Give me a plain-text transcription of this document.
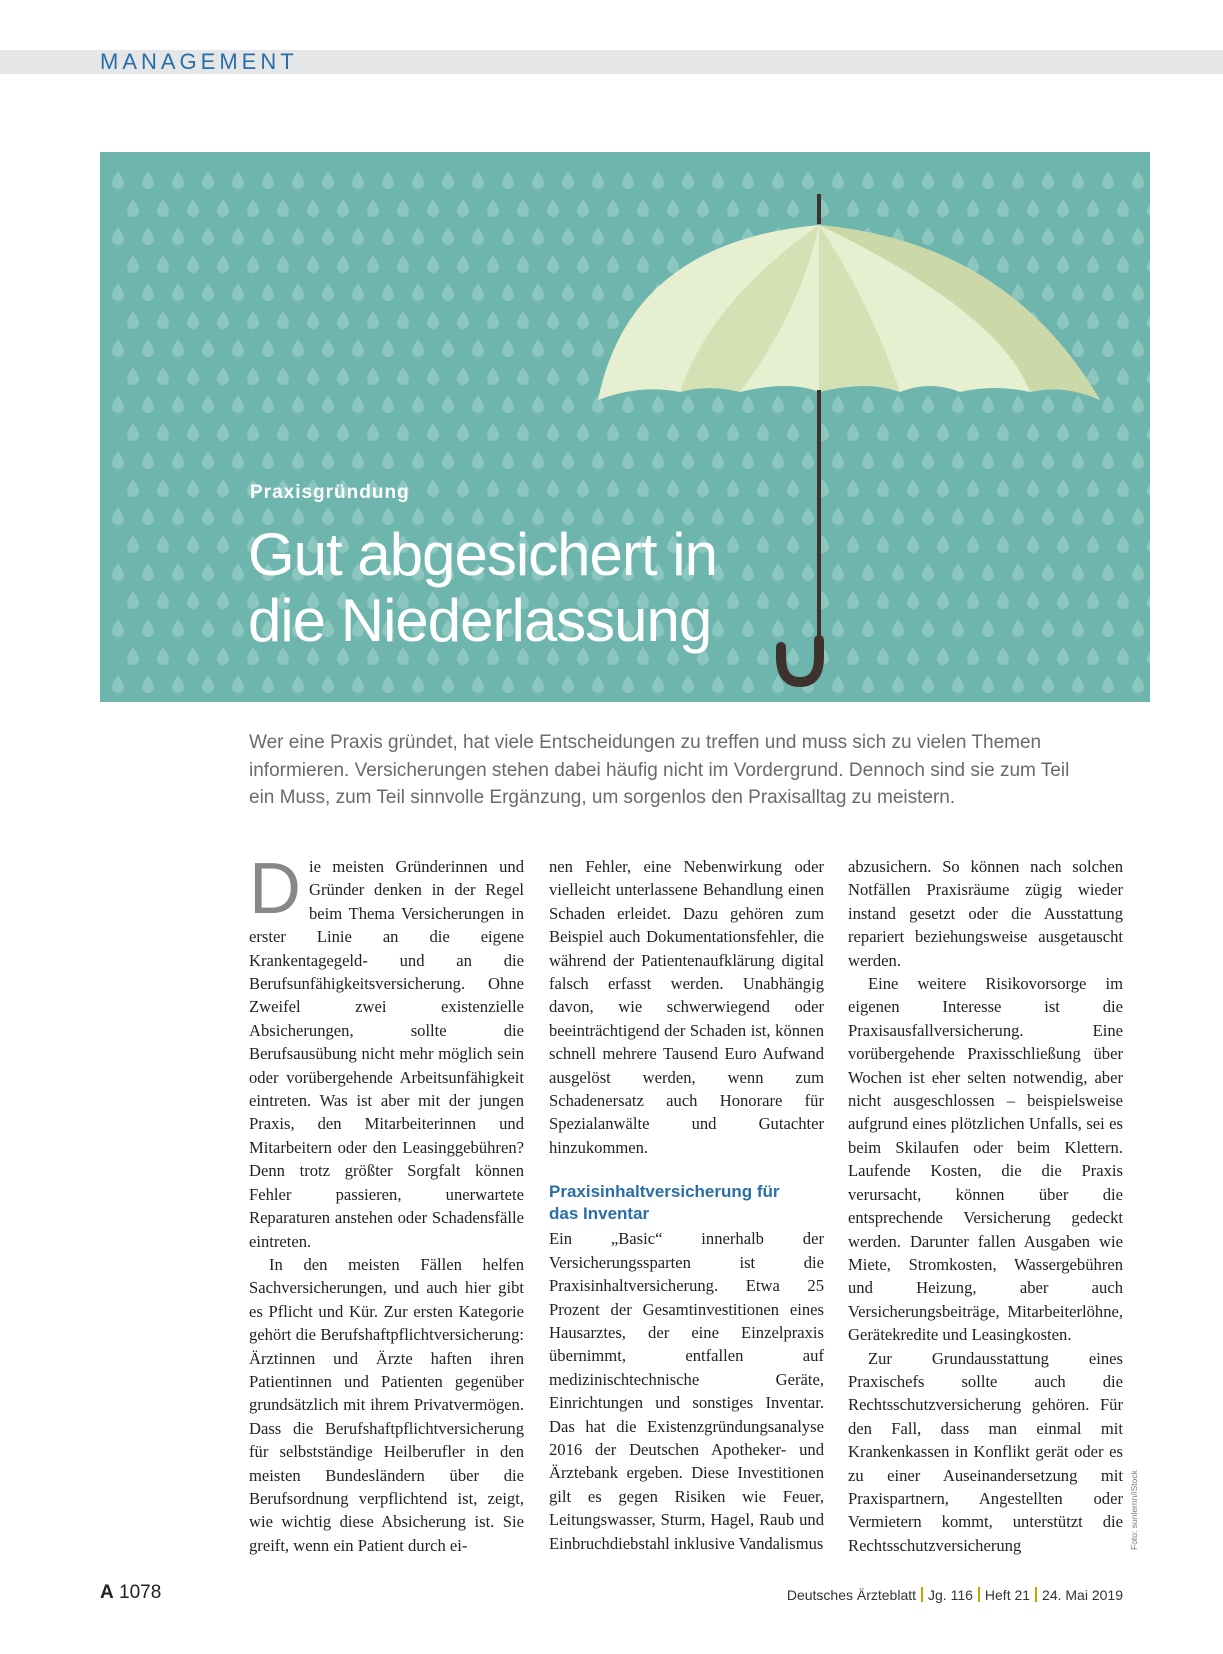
MANAGEMENT
Praxisgründung
Gut abgesichert in
die Niederlassung
Wer eine Praxis gründet, hat viele Entscheidungen zu treffen und muss sich zu vielen Themen informieren. Versicherungen stehen dabei häufig nicht im Vordergrund. Dennoch sind sie zum Teil ein Muss, zum Teil sinnvolle Ergänzung, um sorgenlos den Praxisalltag zu meistern.

Die meisten Gründerinnen und Gründer denken in der Regel beim Thema Versicherungen in erster Linie an die eigene Krankentagegeld- und an die Berufsunfähigkeitsversicherung. Ohne Zweifel zwei existenzielle Absicherungen, sollte die Berufsausübung nicht mehr möglich sein oder vorübergehende Arbeitsunfähigkeit eintreten. Was ist aber mit der jungen Praxis, den Mitarbeiterinnen und Mitarbeitern oder den Leasinggebühren? Denn trotz größter Sorgfalt können Fehler passieren, unerwartete Reparaturen anstehen oder Schadensfälle eintreten.

In den meisten Fällen helfen Sachversicherungen, und auch hier gibt es Pflicht und Kür. Zur ersten Kategorie gehört die Berufshaftpflichtversicherung: Ärztinnen und Ärzte haften ihren Patientinnen und Patienten gegenüber grundsätzlich mit ihrem Privatvermögen. Dass die Berufshaftpflichtversicherung für selbstständige Heilberufler in den meisten Bundesländern über die Berufsordnung verpflichtend ist, zeigt, wie wichtig diese Absicherung ist. Sie greift, wenn ein Patient durch ei-

nen Fehler, eine Nebenwirkung oder vielleicht unterlassene Behandlung einen Schaden erleidet. Dazu gehören zum Beispiel auch Dokumentationsfehler, die während der Patientenaufklärung digital falsch erfasst werden. Unabhängig davon, wie schwerwiegend oder beeinträchtigend der Schaden ist, können schnell mehrere Tausend Euro Aufwand ausgelöst werden, wenn zum Schadenersatz auch Honorare für Spezialanwälte und Gutachter hinzukommen.

Praxisinhaltversicherung für
das Inventar

Ein „Basic“ innerhalb der Versicherungssparten ist die Praxisinhaltversicherung. Etwa 25 Prozent der Gesamtinvestitionen eines Hausarztes, der eine Einzelpraxis übernimmt, entfallen auf medizinischtechnische Geräte, Einrichtungen und sonstiges Inventar. Das hat die Existenzgründungsanalyse 2016 der Deutschen Apotheker- und Ärztebank ergeben. Diese Investitionen gilt es gegen Risiken wie Feuer, Leitungswasser, Sturm, Hagel, Raub und Einbruchdiebstahl inklusive Vandalismus

abzusichern. So können nach solchen Notfällen Praxisräume zügig wieder instand gesetzt oder die Ausstattung repariert beziehungsweise ausgetauscht werden.

Eine weitere Risikovorsorge im eigenen Interesse ist die Praxisausfallversicherung. Eine vorübergehende Praxisschließung über Wochen ist eher selten notwendig, aber nicht ausgeschlossen – beispielsweise aufgrund eines plötzlichen Unfalls, sei es beim Skilaufen oder beim Klettern. Laufende Kosten, die die Praxis verursacht, können über die entsprechende Versicherung gedeckt werden. Darunter fallen Ausgaben wie Miete, Stromkosten, Wassergebühren und Heizung, aber auch Versicherungsbeiträge, Mitarbeiterlöhne, Gerätekredite und Leasingkosten.

Zur Grundausstattung eines Praxischefs sollte auch die Rechtsschutzversicherung gehören. Für den Fall, dass man einmal mit Krankenkassen in Konflikt gerät oder es zu einer Auseinandersetzung mit Praxispartnern, Angestellten oder Vermietern kommt, unterstützt die Rechtsschutzversicherung	Foto: sunlernn/iStock
A 1078	Deutsches Ärzteblatt Jg. 116 Heft 21 24. Mai 2019
